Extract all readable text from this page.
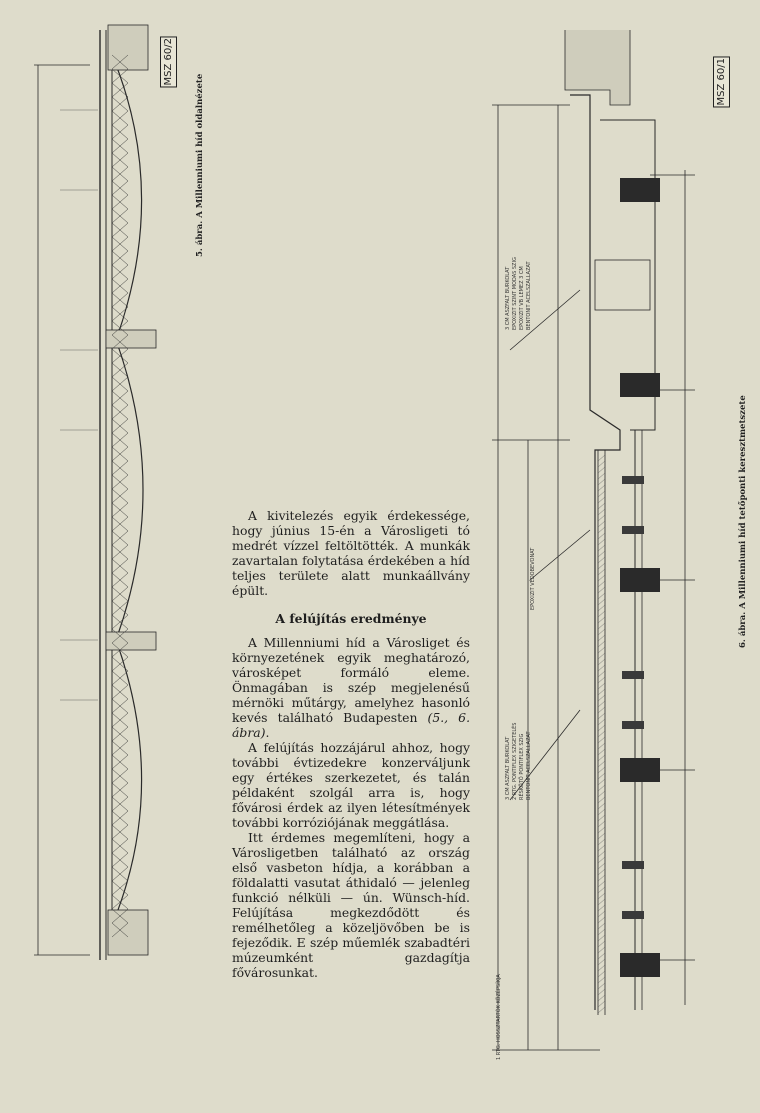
5. ábra. A Millenniumi híd oldalnézete
MSZ 60/2
6. ábra. A Millenniumi híd tetőponti keresztmetszete
MSZ 60/1
3 CM ASZFALT BURKOLAT EPOXIZIT SZINT MODAS SZIG EPOXIZIT VB LEMEZ 3 CM BENTONIT ACELSZALLAZAT
EPOXIZIT VÉDOBEVONAT
3 CM ASZFALT BURKOLAT 2 RTG. PONTIFLEX SZIGETELÉS RÉSKÖTŐ PONTIFLEX SZIG BENTONIT ACELSZALLAZAT
1 RTG. HOSSZTARTÓK KÖZÉPSÍKJA

A kivitelezés egyik érdekessége, hogy június 15-én a Városligeti tó medrét vízzel feltöltötték. A munkák zavartalan folytatása érdekében a híd teljes területe alatt munkaállvány épült.

A felújítás eredménye

A Millenniumi híd a Városliget és környezetének egyik meghatározó, városképet formáló eleme. Önmagában is szép megjelenésű mérnöki műtárgy, amelyhez hasonló kevés található Budapesten (5., 6. ábra).

A felújítás hozzájárul ahhoz, hogy további évtizedekre konzerváljunk egy értékes szerkezetet, és talán példaként szolgál arra is, hogy fővárosi érdek az ilyen létesítmények további korróziójának meggátlása.

Itt érdemes megemlíteni, hogy a Városligetben található az ország első vasbeton hídja, a korábban a földalatti vasutat áthidaló — jelenleg funkció nélküli — ún. Wünsch-híd. Felújítása megkezdődött és remélhetőleg a közeljövőben be is fejeződik. E szép műemlék szabadtéri múzeumként gazdagítja fővárosunkat.
